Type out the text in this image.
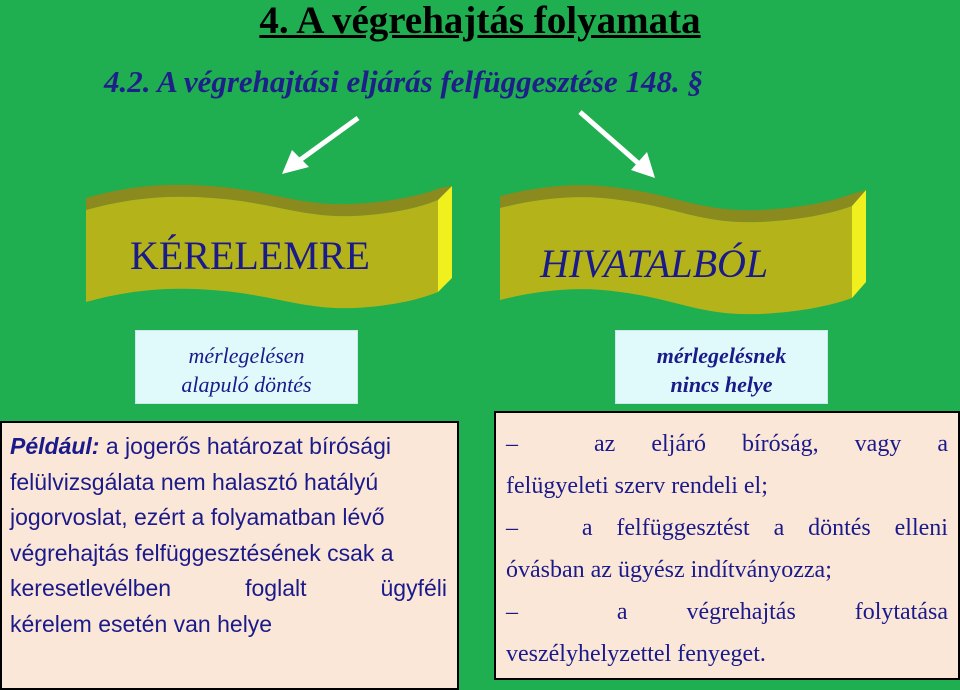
4. A végrehajtás folyamata
4.2. A végrehajtási eljárás felfüggesztése 148. §
KÉRELEMRE	HIVATALBÓL
mérlegelésen
alapuló döntés
mérlegelésnek
nincs helye
Például: a jogerős határozat bírósági
felülvizsgálata nem halasztó hatályú
jogorvoslat, ezért a folyamatban lévő
végrehajtás felfüggesztésének csak a
keresetlevélben	foglalt	ügyféli
kérelem esetén van helye
–	az eljáró bíróság, vagy a
felügyeleti szerv rendeli el;
–	a felfüggesztést a döntés elleni
óvásban az ügyész indítványozza;
–	a végrehajtás folytatása
veszélyhelyzettel fenyeget.
